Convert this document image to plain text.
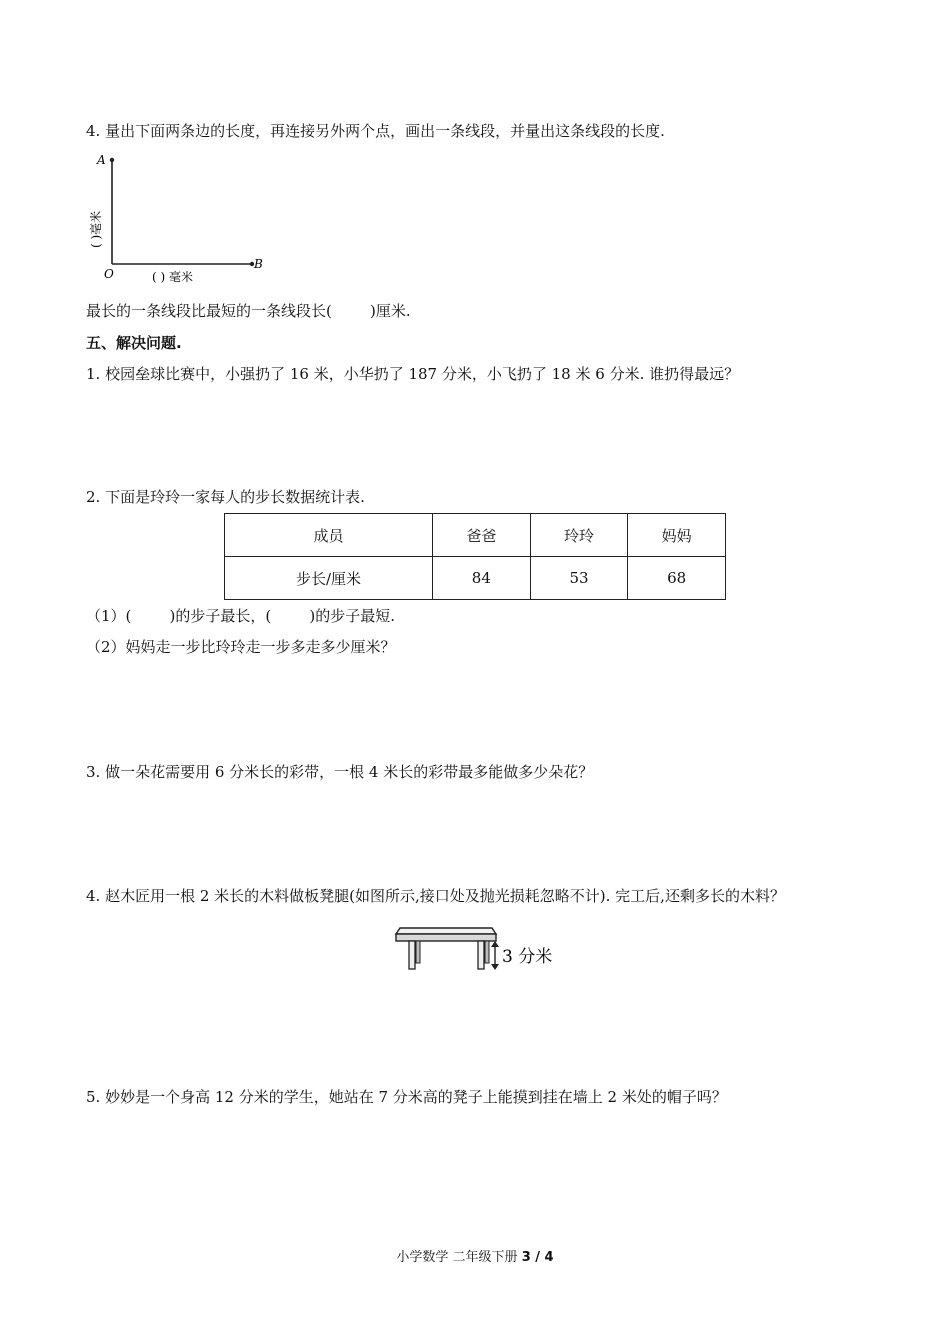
4. 量出下面两条边的长度，再连接另外两个点，画出一条线段，并量出这条线段的长度.
A
O
B
( )毫米
( ) 毫米
最长的一条线段比最短的一条线段长(        )厘米.
五、解决问题.
1. 校园垒球比赛中，小强扔了 16 米，小华扔了 187 分米，小飞扔了 18 米 6 分米. 谁扔得最远？
2. 下面是玲玲一家每人的步长数据统计表.
成员	爸爸	玲玲	妈妈
步长/厘米	84	53	68
（1）(        )的步子最长，(        )的步子最短.
（2）妈妈走一步比玲玲走一步多走多少厘米？
3. 做一朵花需要用 6 分米长的彩带，一根 4 米长的彩带最多能做多少朵花？
4. 赵木匠用一根 2 米长的木料做板凳腿(如图所示,接口处及抛光损耗忽略不计). 完工后,还剩多长的木料？
3 分米
5. 妙妙是一个身高 12 分米的学生，她站在 7 分米高的凳子上能摸到挂在墙上 2 米处的帽子吗？
小学数学 二年级下册 3 / 4
